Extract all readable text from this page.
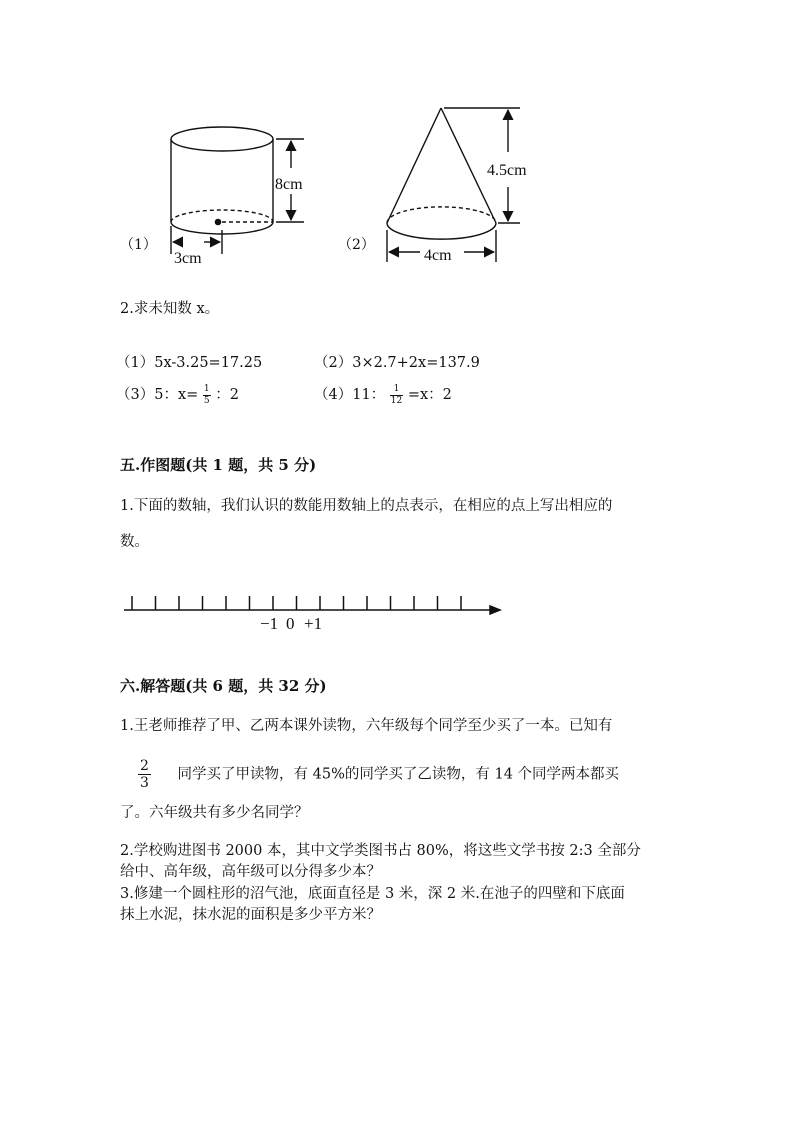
8cm
3cm
4.5cm
4cm
（1）	（2）
2.求未知数 x。
（1）5x-3.25=17.25	（2）3×2.7+2x=137.9
（3）5：$x= \frac{1}{5}$ ：2	（4）11： $\frac{1}{12} =x$：2
五.作图题(共 1 题，共 5 分)
1.下面的数轴，我们认识的数能用数轴上的点表示，在相应的点上写出相应的
数。
−1 0 +1
六.解答题(共 6 题，共 32 分)
1.王老师推荐了甲、乙两本课外读物，六年级每个同学至少买了一本。已知有
$\frac{2}{3}$ 同学买了甲读物，有 45%的同学买了乙读物，有 14 个同学两本都买
了。六年级共有多少名同学？
2.学校购进图书 2000 本，其中文学类图书占 80%，将这些文学书按 2:3 全部分
给中、高年级，高年级可以分得多少本？
3.修建一个圆柱形的沼气池，底面直径是 3 米，深 2 米.在池子的四壁和下底面
抹上水泥，抹水泥的面积是多少平方米？
